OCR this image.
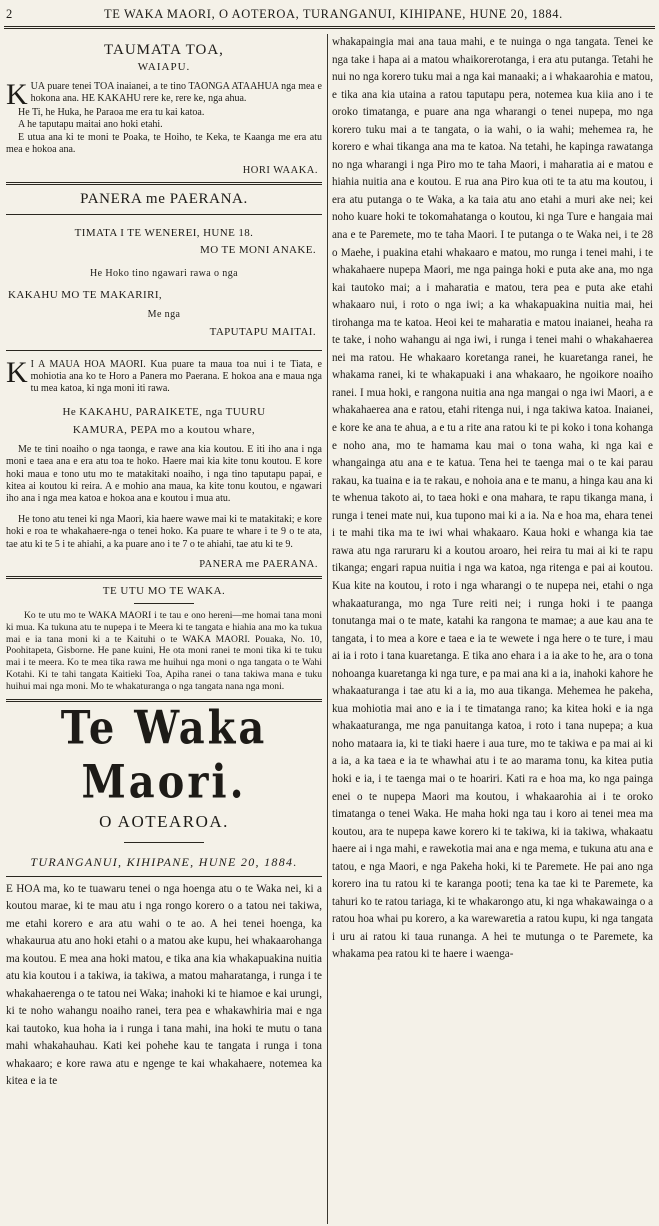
2	TE WAKA MAORI, O AOTEROA, TURANGANUI, KIHIPANE, HUNE 20, 1884.
TAUMATA TOA,
WAIAPU.

KUA puare tenei TOA inaianei, a te tino TAONGA ATAAHUA nga mea e hokona ana. HE KAKAHU rere ke, rere ke, nga ahua.

He Ti, he Huka, he Paraoa me era tu kai katoa.

A he taputapu maitai ano hoki etahi.

E utua ana ki te moni te Poaka, te Hoiho, te Keka, te Kaanga me era atu mea e hokoa ana.

HORI WAAKA.

PANERA me PAERANA.

TIMATA I TE WENEREI, HUNE 18.

MO TE MONI ANAKE.

He Hoko tino ngawari rawa o nga

KAKAHU MO TE MAKARIRI,

Me nga

TAPUTAPU MAITAI.

K I A MAUA HOA MAORI. Kua puare ta maua toa nui i te Tiata, e mohiotia ana ko te Horo a Panera mo Paerana. E hokoa ana e maua nga tu mea katoa, ki nga moni iti rawa.

He KAKAHU, PARAIKETE, nga TUURU

KAMURA, PEPA mo a koutou whare,

Me te tini noaiho o nga taonga, e rawe ana kia koutou. E iti iho ana i nga moni e taea ana e era atu toa te hoko. Haere mai kia kite tonu koutou. E kore hoki maua e tono utu mo te matakitaki noaiho, i nga tino taputapu papai, e kitea ai koutou ki reira. A e mohio ana maua, ka kite tonu koutou, e ngawari iho ana i nga mea katoa e hokoa ana e koutou i mua atu.

He tono atu tenei ki nga Maori, kia haere wawe mai ki te matakitaki; e kore hoki e roa te whakahaere-nga o tenei hoko. Ka puare te whare i te 9 o te ata, tae atu ki te 5 i te ahiahi, a ka puare ano i te 7 o te ahiahi, tae atu ki te 9.

PANERA me PAERANA.

TE UTU MO TE WAKA.

Ko te utu mo te WAKA MAORI i te tau e ono hereni—me homai tana moni ki mua. Ka tukuna atu te nupepa i te Meera ki te tangata e hiahia ana mo ka tukua mai e ia tana moni ki a te Kaituhi o te WAKA MAORI. Pouaka, No. 10, Poohitapeta, Gisborne. He pane kuini, He ota moni ranei te moni tika ki te tuku mai i te meera. Ko te mea tika rawa me huihui nga moni o nga tangata o te Wahi Kotahi. Ki te tahi tangata Kaitieki Toa, Apiha ranei o tana takiwa mana e tuku huihui mai nga moni. Mo te whakaturanga o nga tangata nana nga moni.

Te Waka Maori.
O AOTEAROA.
TURANGANUI, KIHIPANE, HUNE 20, 1884.

E HOA ma, ko te tuawaru tenei o nga hoenga atu o te Waka nei, ki a koutou marae, ki te mau atu i nga rongo korero o a tatou nei takiwa, me etahi korero e ara atu wahi o te ao. A hei tenei hoenga, ka whakaurua atu ano hoki etahi o a matou ake kupu, hei whakaarohanga ma koutou. E mea ana hoki matou, e tika ana kia whakapuakina nuitia atu kia koutou i a takiwa, ia takiwa, a matou maharatanga, i runga i te whakahaerenga o te tatou nei Waka; inahoki ki te hiamoe e kai urungi, ki te noho wahangu noaiho ranei, tera pea e whakawhiria mai e nga kai tautoko, kua hoha ia i runga i tana mahi, ina hoki te mutu o tana mahi whakahauhau. Kati kei pohehe kau te tangata i runga i tona whakaaro; e kore rawa atu e ngenge te kai whakahaere, notemea ka kitea e ia te

whakapaingia mai ana taua mahi, e te nuinga o nga tangata. Tenei ke nga take i hapa ai a matou whaikorerotanga, i era atu putanga. Tetahi he nui no nga korero tuku mai a nga kai manaaki; a i whakaarohia e matou, e tika ana kia utaina a ratou taputapu pera, notemea kua kiia ano i te oroko timatanga, e puare ana nga wharangi o tenei nupepa, mo nga korero tuku mai a te tangata, o ia wahi, o ia wahi; mehemea ra, he korero e whai tikanga ana ma te katoa. Na tetahi, he kapinga rawatanga no nga wharangi i nga Piro mo te taha Maori, i maharatia ai e matou e hiahia nuitia ana e koutou. E rua ana Piro kua oti te ta atu ma koutou, i era atu putanga o te Waka, a ka taia atu ano etahi a muri ake nei; kei noho kuare hoki te tokomahatanga o koutou, ki nga Ture e hangaia mai ana e te Paremete, mo te taha Maori. I te putanga o te Waka nei, i te 28 o Maehe, i puakina etahi whakaaro e matou, mo runga i tenei mahi, i te whakahaere nupepa Maori, me nga painga hoki e puta ake ana, mo nga kai tautoko mai; a i maharatia e matou, tera pea e puta ake etahi whakaaro nui, i roto o nga iwi; a ka whakapuakina nuitia mai, hei tirohanga ma te katoa. Heoi kei te maharatia e matou inaianei, heaha ra te take, i noho wahangu ai nga iwi, i runga i tenei mahi o whakahaerea nei ma ratou. He whakaaro koretanga ranei, he kuaretanga ranei, he whakama ranei, ki te whakapuaki i ana whakaaro, he ngoikore noaiho ranei. I mua hoki, e rangona nuitia ana nga mangai o nga iwi Maori, a e whakahaerea ana e ratou, etahi ritenga nui, i nga takiwa katoa. Inaianei, e kore ke ana te ahua, a e tu a rite ana ratou ki te pi koko i tona kohanga e noho ana, mo te hamama kau mai o tona waha, ki nga kai e whangainga atu ana e te katua. Tena hei te taenga mai o te kai parau rakau, ka tuaina e ia te rakau, e nohoia ana e te manu, a hinga kau ana ki te whenua takoto ai, to taea hoki e ona mahara, te rapu tikanga mana, i runga i tenei mate nui, kua tupono mai ki a ia. Na e hoa ma, ehara tenei i te mahi tika ma te iwi whai whakaaro. Kaua hoki e whanga kia tae rawa atu nga raruraru ki a koutou aroaro, hei reira tu mai ai ki te rapu tikanga; engari rapua nuitia i nga wa katoa, nga ritenga e pai ai koutou. Kua kite na koutou, i roto i nga wharangi o te nupepa nei, etahi o nga whakaaturanga, mo nga Ture reiti nei; i runga hoki i te paanga tonutanga mai o te mate, katahi ka rangona te mamae; a aue kau ana te tangata, i to mea a kore e taea e ia te wewete i nga here o te ture, i mau ai ia i roto i tana kuaretanga. E tika ano ehara i a ia ake to he, ara o tona nohoanga kuaretanga ki nga ture, e pa mai ana ki a ia, inahoki kahore he whakaaturanga i tae atu ki a ia, mo aua tikanga. Mehemea he pakeha, kua mohiotia mai ano e ia i te timatanga rano; ka kitea hoki e ia nga whakaaturanga, me nga panuitanga katoa, i roto i tana nupepa; a kua noho mataara ia, ki te tiaki haere i aua ture, mo te takiwa e pa mai ai ki a ia, a ka taea e ia te whawhai atu i te ao marama tonu, ka kitea putia hoki e ia, i te taenga mai o te hoariri. Kati ra e hoa ma, ko nga painga enei o te nupepa Maori ma koutou, i whakaarohia ai i te oroko timatanga o tenei Waka. He maha hoki nga tau i koro ai tenei mea ma koutou, ara te nupepa kawe korero ki te takiwa, ki ia takiwa, whakaatu haere ai i nga mahi, e rawekotia mai ana e nga mema, e tukuna atu ana e tatou, e nga Maori, e nga Pakeha hoki, ki te Paremete. He pai ano nga korero ina tu ratou ki te karanga pooti; tena ka tae ki te Paremete, ka tahuri ko te ratou tariaga, ki te whakarongo atu, ki nga whakawainga o a ratou hoa whai pu korero, a ka warewaretia a ratou kupu, ki nga tangata i uru ai ratou ki taua runanga. A hei te mutunga o te Paremete, ka whakama pea ratou ki te haere i waenga-
